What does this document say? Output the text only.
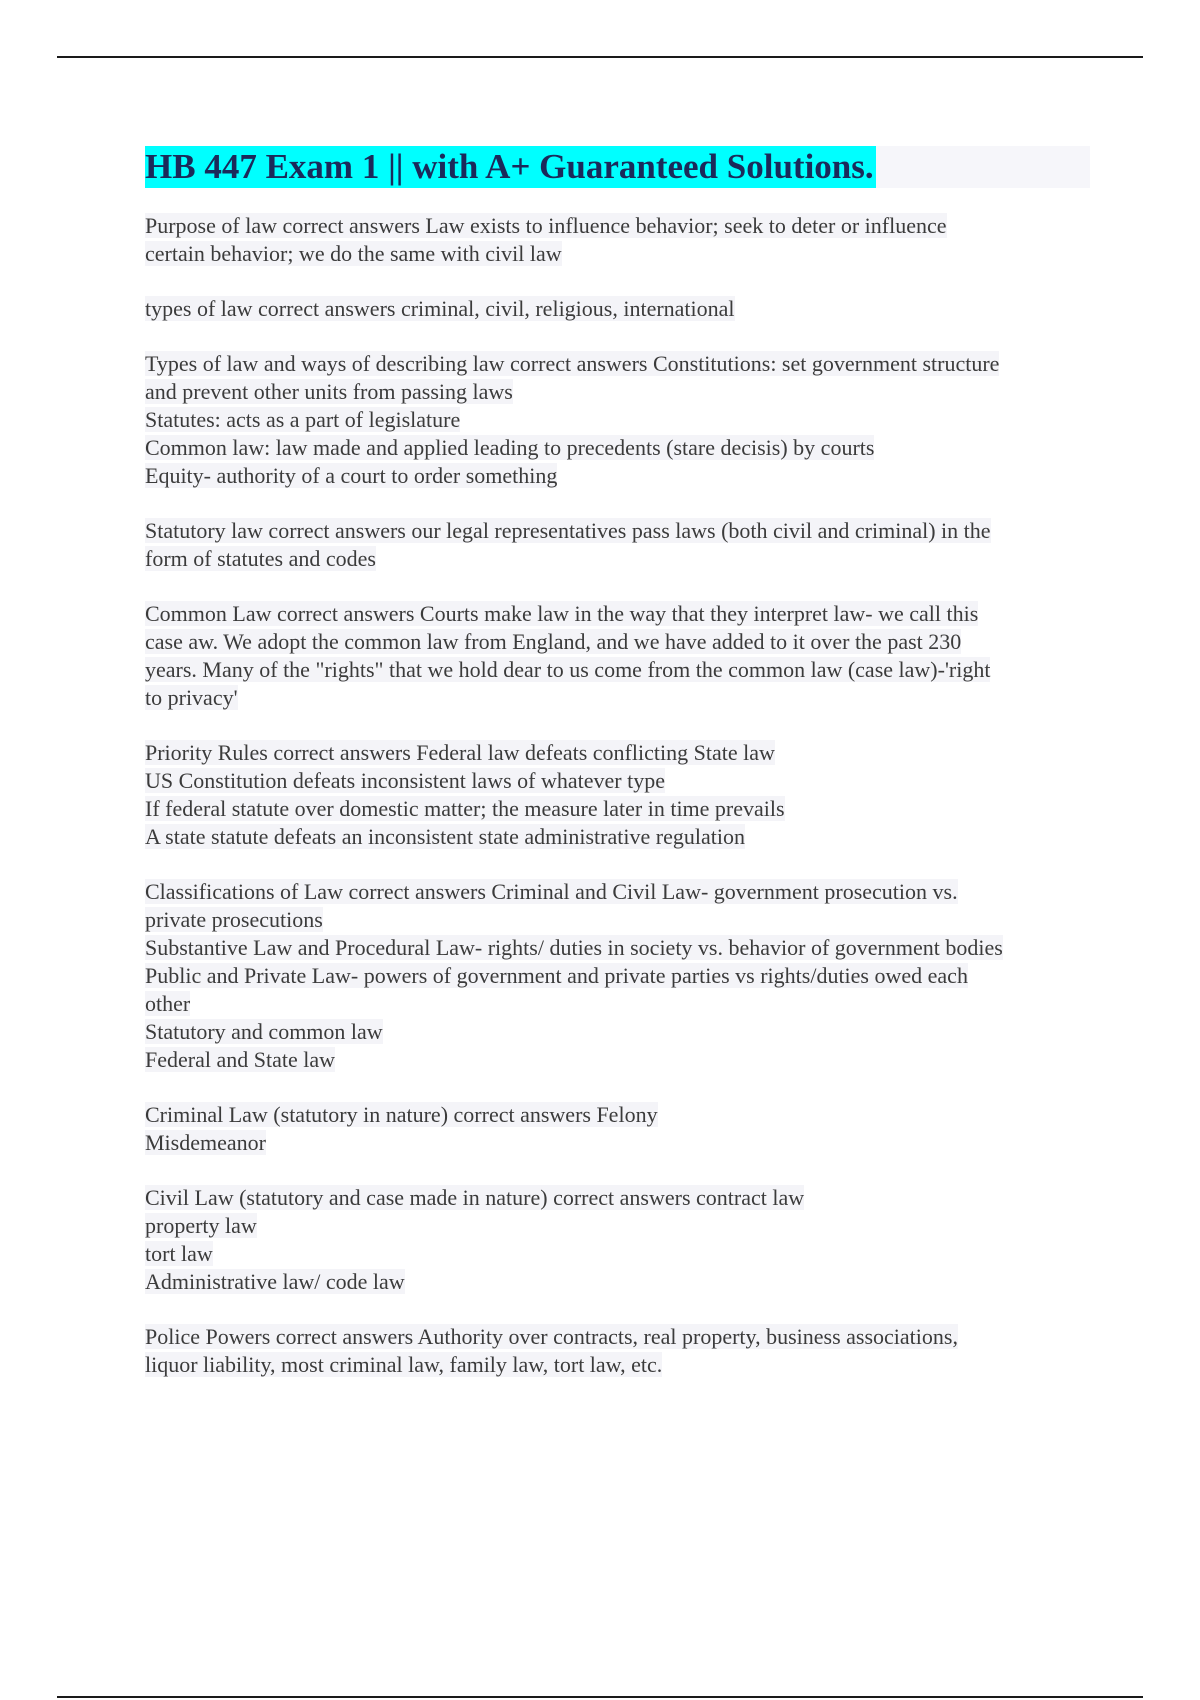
HB 447 Exam 1 || with A+ Guaranteed Solutions.
Purpose of law correct answers Law exists to influence behavior; seek to deter or influence
certain behavior; we do the same with civil law
types of law correct answers criminal, civil, religious, international
Types of law and ways of describing law correct answers Constitutions: set government structure
and prevent other units from passing laws
Statutes: acts as a part of legislature
Common law: law made and applied leading to precedents (stare decisis) by courts
Equity- authority of a court to order something
Statutory law correct answers our legal representatives pass laws (both civil and criminal) in the
form of statutes and codes
Common Law correct answers Courts make law in the way that they interpret law- we call this
case aw. We adopt the common law from England, and we have added to it over the past 230
years. Many of the "rights" that we hold dear to us come from the common law (case law)-'right
to privacy'
Priority Rules correct answers Federal law defeats conflicting State law
US Constitution defeats inconsistent laws of whatever type
If federal statute over domestic matter; the measure later in time prevails
A state statute defeats an inconsistent state administrative regulation
Classifications of Law correct answers Criminal and Civil Law- government prosecution vs.
private prosecutions
Substantive Law and Procedural Law- rights/ duties in society vs. behavior of government bodies
Public and Private Law- powers of government and private parties vs rights/duties owed each
other
Statutory and common law
Federal and State law
Criminal Law (statutory in nature) correct answers Felony
Misdemeanor
Civil Law (statutory and case made in nature) correct answers contract law
property law
tort law
Administrative law/ code law
Police Powers correct answers Authority over contracts, real property, business associations,
liquor liability, most criminal law, family law, tort law, etc.
